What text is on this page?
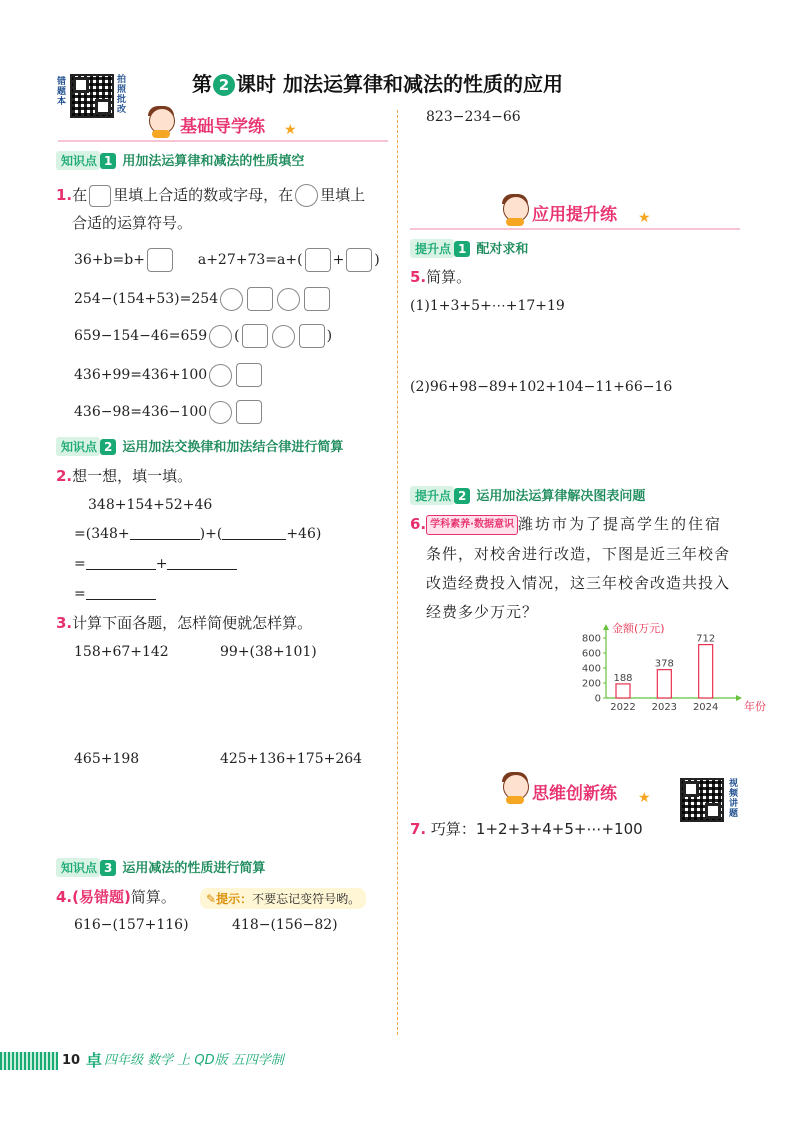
错题本	拍照批改	第 2 课时 加法运算律和减法的性质的应用
基础导学练 ★
知识点 1 用加法运算律和减法的性质填空
1.在 里填上合适的数或字母，在 里填上
合适的运算符号。
36+b=b+	a+27+73=a+( + )
254−(154+53)=254
659−154−46=659 (	)
436+99=436+100
436−98=436−100
知识点 2 运用加法交换律和加法结合律进行简算
2.想一想，填一填。
348+154+52+46
=(348+	)+(	+46)
=	+
=
3.计算下面各题，怎样简便就怎样算。
158+67+142	99+(38+101)
465+198	425+136+175+264
知识点 3 运用减法的性质进行简算
4.(易错题)简算。	✎提示：不要忘记变符号哟。
616−(157+116)	418−(156−82)
823−234−66
应用提升练 ★
提升点 1 配对求和
5.简算。
(1)1+3+5+⋯+17+19
(2)96+98−89+102+104−11+66−16
提升点 2 运用加法运算律解决图表问题
6. 学科素养·数据意识 潍坊市为了提高学生的住宿
条件，对校舍进行改造，下图是近三年校舍
改造经费投入情况，这三年校舍改造共投入
经费多少万元？
0
200
400
600
800
金额(万元)
年份
188
2022
378
2023
712
2024
思维创新练 ★	视频讲题
7. 巧算：1+2+3+4+5+⋯+100
10 卓 四年级 数学 上 QD版 五四学制
